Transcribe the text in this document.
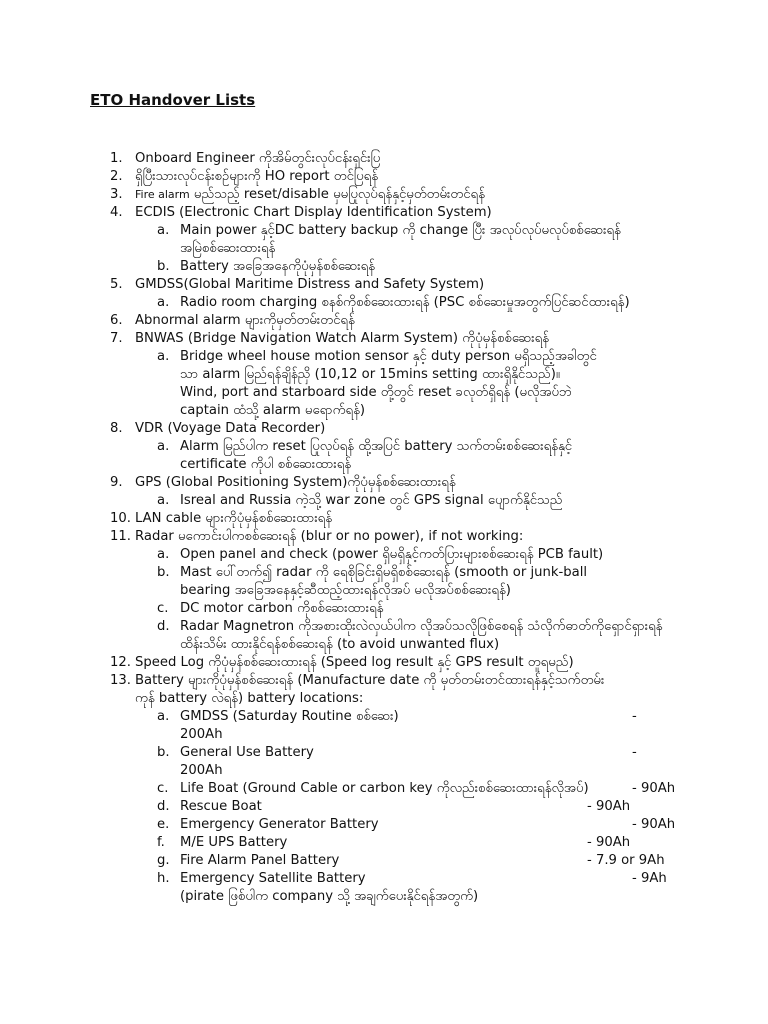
ETO Handover Lists
1. Onboard Engineer ကိုအိမ်တွင်းလုပ်ငန်းရှင်းပြ
2. ရှိပြီးသားလုပ်ငန်းစဉ်များကို HO report တင်ပြရန်
3. Fire alarm မည်သည့် reset/disable မှမပြုလုပ်ရန်နှင့်မှတ်တမ်းတင်ရန်
4. ECDIS (Electronic Chart Display Identification System)
a. Main power နှင့်DC battery backup ကို change ပြီး အလုပ်လုပ်မလုပ်စစ်ဆေးရန်
အမြဲစစ်ဆေးထားရန်
b. Battery အခြေအနေကိုပုံမှန်စစ်ဆေးရန်
5. GMDSS(Global Maritime Distress and Safety System)
a. Radio room charging စနစ်ကိုစစ်ဆေးထားရန် (PSC စစ်ဆေးမှုအတွက်ပြင်ဆင်ထားရန်)
6. Abnormal alarm များကိုမှတ်တမ်းတင်ရန်
7. BNWAS (Bridge Navigation Watch Alarm System) ကိုပုံမှန်စစ်ဆေးရန်
a. Bridge wheel house motion sensor နှင့် duty person မရှိသည့်အခါတွင်
သာ alarm မြည်ရန်ချိန်ညှိ (10,12 or 15mins setting ထားရှိနိုင်သည်)။
Wind, port and starboard side တို့တွင် reset ခလုတ်ရှိရန် (မလိုအပ်ဘဲ
captain ထံသို့ alarm မရောက်ရန်)
8. VDR (Voyage Data Recorder)
a. Alarm မြည်ပါက reset ပြုလုပ်ရန် ထို့အပြင် battery သက်တမ်းစစ်ဆေးရန်နှင့်
certificate ကိုပါ စစ်ဆေးထားရန်
9. GPS (Global Positioning System)ကိုပုံမှန်စစ်ဆေးထားရန်
a. Isreal and Russia ကဲ့သို့ war zone တွင် GPS signal ပျောက်နိုင်သည်
10. LAN cable များကိုပုံမှန်စစ်ဆေးထားရန်
11. Radar မကောင်းပါကစစ်ဆေးရန် (blur or no power), if not working:
a. Open panel and check (power ရှိမရှိနှင့်ကတ်ပြားများစစ်ဆေးရန် PCB fault)
b. Mast ပေါ်တက်၍ radar ကို ရေစိုခြင်းရှိမရှိစစ်ဆေးရန် (smooth or junk-ball
bearing အခြေအနေနှင့်ဆီထည့်ထားရန်လိုအပ် မလိုအပ်စစ်ဆေးရန်)
c. DC motor carbon ကိုစစ်ဆေးထားရန်
d. Radar Magnetron ကိုအစားထိုးလဲလှယ်ပါက လိုအပ်သလိုဖြစ်စေရန် သံလိုက်ဓာတ်ကိုရှောင်ရှားရန်
ထိန်းသိမ်း ထားနိုင်ရန်စစ်ဆေးရန် (to avoid unwanted flux)
12. Speed Log ကိုပုံမှန်စစ်ဆေးထားရန် (Speed log result နှင့် GPS result တူရမည်)
13. Battery များကိုပုံမှန်စစ်ဆေးရန် (Manufacture date ကို မှတ်တမ်းတင်ထားရန်နှင့်သက်တမ်း
ကုန် battery လဲရန်) battery locations:
a. GMDSS (Saturday Routine စစ်ဆေး)	-
200Ah
b. General Use Battery	-
200Ah
c. Life Boat (Ground Cable or carbon key ကိုလည်းစစ်ဆေးထားရန်လိုအပ်)	- 90Ah
d. Rescue Boat	- 90Ah
e. Emergency Generator Battery	- 90Ah
f. M/E UPS Battery	- 90Ah
g. Fire Alarm Panel Battery	- 7.9 or 9Ah
h. Emergency Satellite Battery	- 9Ah
(pirate ဖြစ်ပါက company သို့ အချက်ပေးနိုင်ရန်အတွက်)
